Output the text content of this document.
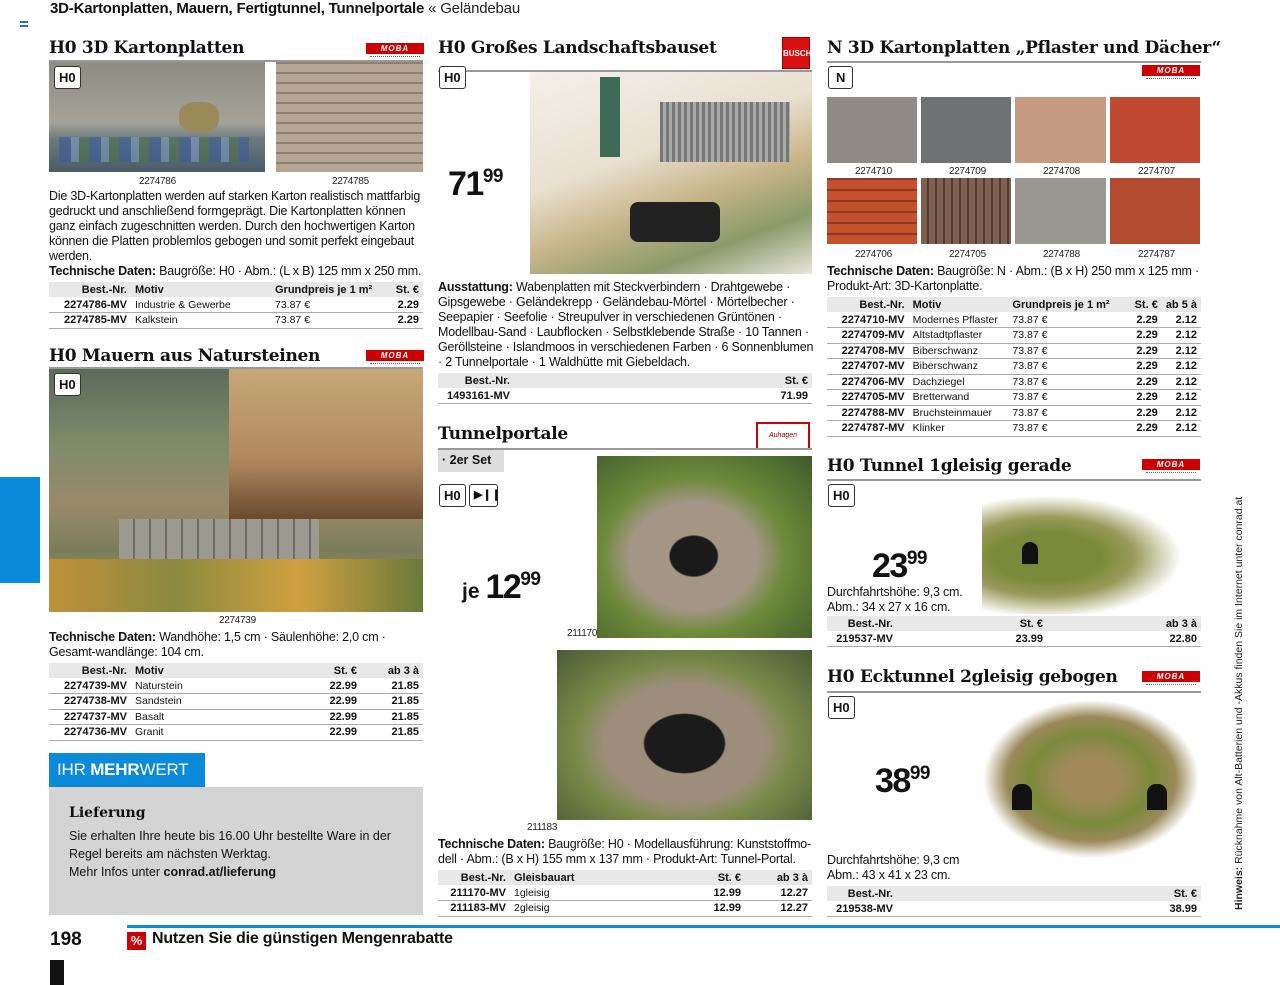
3D-Kartonplatten, Mauern, Fertigtunnel, Tunnelportale « Geländebau
H0 3D Kartonplatten	MOBA
H0
2274786	2274785
Die 3D-Kartonplatten werden auf starken Karton realistisch mattfarbig gedruckt und anschließend formgeprägt. Die Kartonplatten können ganz einfach zugeschnitten werden. Durch den hochwertigen Karton können die Platten problemlos gebogen und somit perfekt eingebaut werden.
Technische Daten: Baugröße: H0 · Abm.: (L x B) 125 mm x 250 mm.
Best.-Nr.	Motiv	Grundpreis je 1 m²	St. €
2274786-MV	Industrie & Gewerbe	73.87 €	2.29
2274785-MV	Kalkstein	73.87 €	2.29
H0 Mauern aus Natursteinen	MOBA
H0
2274739
Technische Daten: Wandhöhe: 1,5 cm · Säulenhöhe: 2,0 cm · Gesamt-wandlänge: 104 cm.
Best.-Nr.	Motiv	St. €	ab 3 à
2274739-MV	Naturstein	22.99	21.85
2274738-MV	Sandstein	22.99	21.85
2274737-MV	Basalt	22.99	21.85
2274736-MV	Granit	22.99	21.85
IHR MEHRWERT
Lieferung
Sie erhalten Ihre heute bis 16.00 Uhr bestellte Ware in der Regel bereits am nächsten Werktag.
Mehr Infos unter conrad.at/lieferung
H0 Großes Landschaftsbauset	BUSCH
H0
$71^{99}$
Ausstattung: Wabenplatten mit Steckverbindern · Drahtgewebe · Gipsgewebe · Geländekrepp · Geländebau-Mörtel · Mörtelbecher · Seepapier · Seefolie · Streupulver in verschiedenen Grüntönen · Modellbau-Sand · Laubflocken · Selbstklebende Straße · 10 Tannen · Geröllsteine · Islandmoos in verschiedenen Farben · 6 Sonnenblumen · 2 Tunnelportale · 1 Waldhütte mit Giebeldach.
Best.-Nr.	St. €
1493161-MV	71.99
Tunnelportale	Auhagen
· 2er Set
H0	▶❙❙
je $12^{99}$
211170
211183
Technische Daten: Baugröße: H0 · Modellausführung: Kunststoffmo-dell · Abm.: (B x H) 155 mm x 137 mm · Produkt-Art: Tunnel-Portal.
Best.-Nr.	Gleisbauart	St. €	ab 3 à
211170-MV	1gleisig	12.99	12.27
211183-MV	2gleisig	12.99	12.27
N 3D Kartonplatten „Pflaster und Dächer“
MOBA
N
2274710	2274709	2274708	2274707
2274706	2274705	2274788	2274787
Technische Daten: Baugröße: N · Abm.: (B x H) 250 mm x 125 mm · Produkt-Art: 3D-Kartonplatte.
Best.-Nr.	Motiv	Grundpreis je 1 m²	St. €	ab 5 à
2274710-MV	Modernes Pflaster	73.87 €	2.29	2.12
2274709-MV	Altstadtpflaster	73.87 €	2.29	2.12
2274708-MV	Biberschwanz	73.87 €	2.29	2.12
2274707-MV	Biberschwanz	73.87 €	2.29	2.12
2274706-MV	Dachziegel	73.87 €	2.29	2.12
2274705-MV	Bretterwand	73.87 €	2.29	2.12
2274788-MV	Bruchsteinmauer	73.87 €	2.29	2.12
2274787-MV	Klinker	73.87 €	2.29	2.12
H0 Tunnel 1gleisig gerade	MOBA
H0
$23^{99}$
Durchfahrtshöhe: 9,3 cm.
Abm.: 34 x 27 x 16 cm.
Best.-Nr.	St. €	ab 3 à
219537-MV	23.99	22.80
H0 Ecktunnel 2gleisig gebogen	MOBA
H0
$38^{99}$
Durchfahrtshöhe: 9,3 cm
Abm.: 43 x 41 x 23 cm.
Best.-Nr.	St. €
219538-MV	38.99	Hinweis: Rücknahme von Alt-Batterien und -Akkus finden Sie im Internet unter conrad.at
198	% Nutzen Sie die günstigen Mengenrabatte
